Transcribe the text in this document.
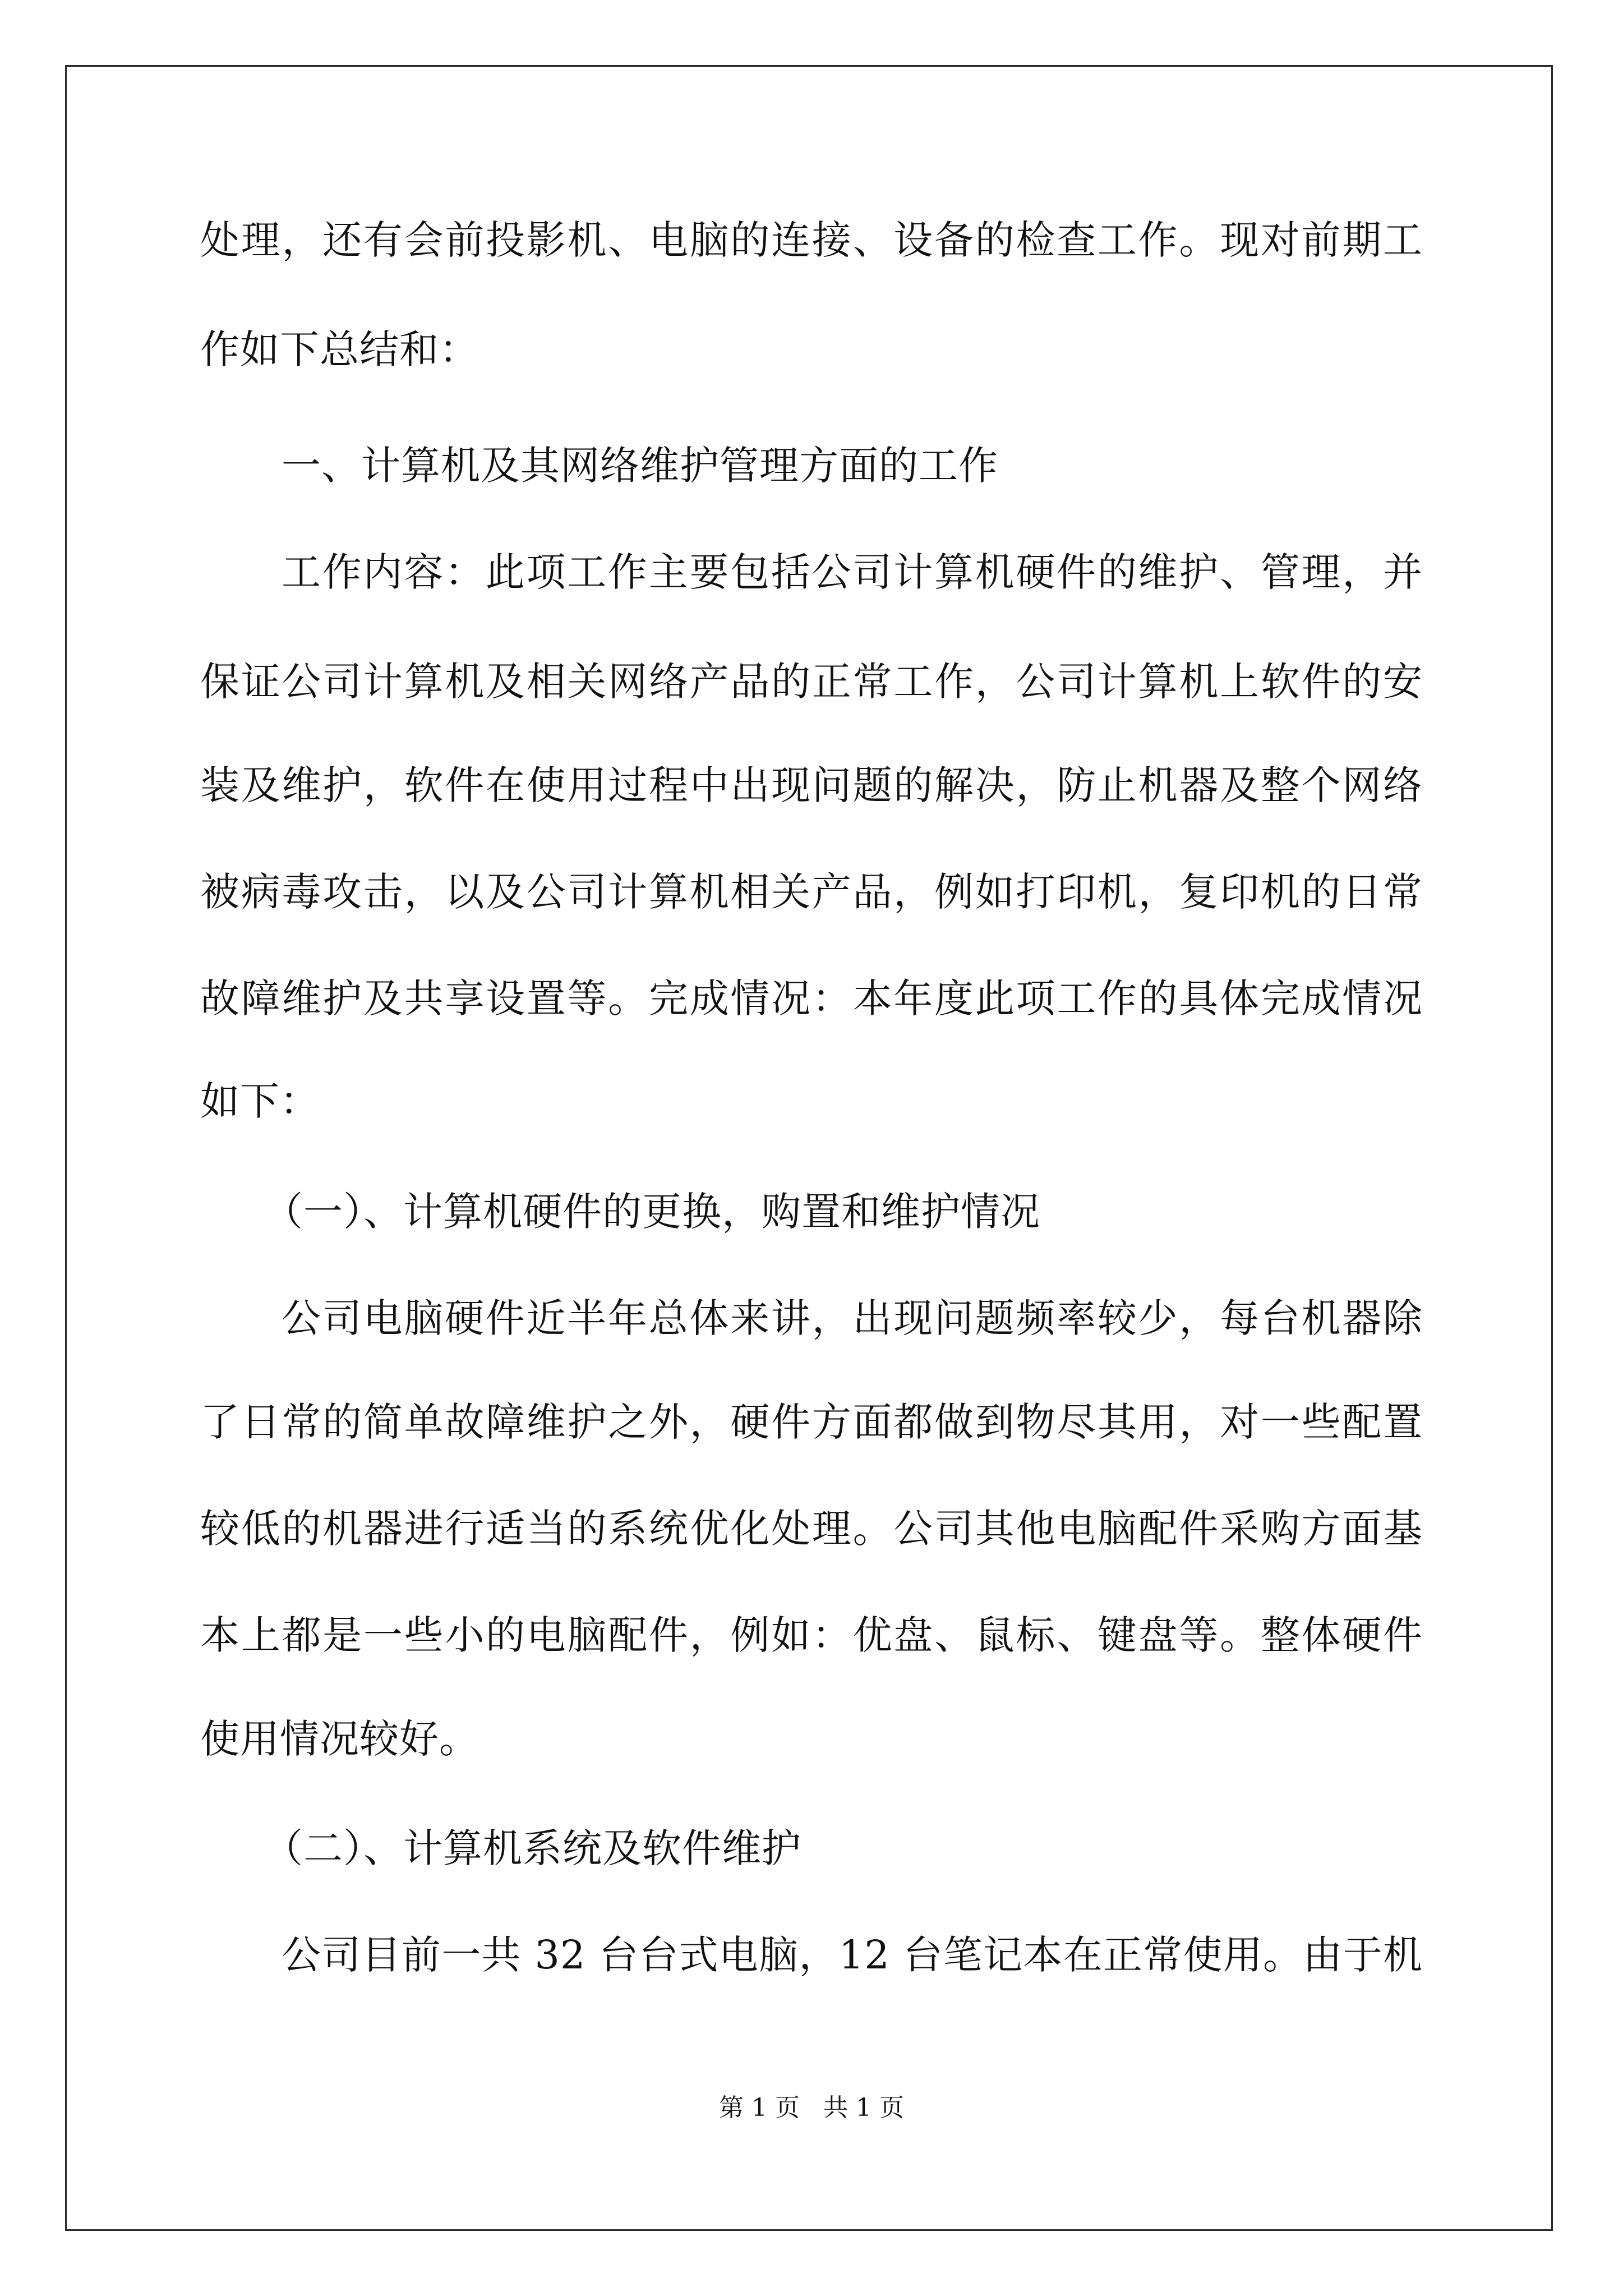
处理，还有会前投影机、电脑的连接、设备的检查工作。现对前期工
作如下总结和：
一、计算机及其网络维护管理方面的工作
工作内容：此项工作主要包括公司计算机硬件的维护、管理，并
保证公司计算机及相关网络产品的正常工作，公司计算机上软件的安
装及维护，软件在使用过程中出现问题的解决，防止机器及整个网络
被病毒攻击，以及公司计算机相关产品，例如打印机，复印机的日常
故障维护及共享设置等。完成情况：本年度此项工作的具体完成情况
如下：
（一）、计算机硬件的更换，购置和维护情况
公司电脑硬件近半年总体来讲，出现问题频率较少，每台机器除
了日常的简单故障维护之外，硬件方面都做到物尽其用，对一些配置
较低的机器进行适当的系统优化处理。公司其他电脑配件采购方面基
本上都是一些小的电脑配件，例如：优盘、鼠标、键盘等。整体硬件
使用情况较好。
（二）、计算机系统及软件维护
公司目前一共 32 台台式电脑，12 台笔记本在正常使用。由于机
第 1 页   共 1 页
